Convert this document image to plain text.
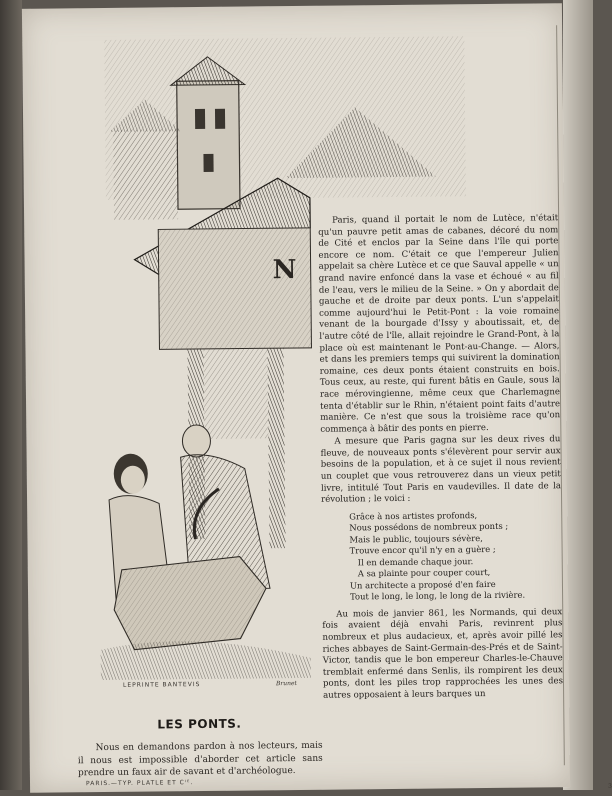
N
LEPRINTE BANTEVIS	Brunet
LES PONTS.

Nous en demandons pardon à nos lecteurs, mais il nous est impossible d'aborder cet article sans prendre un faux air de savant et d'archéologue.

Paris, quand il portait le nom de Lutèce, n'était qu'un pauvre petit amas de cabanes, décoré du nom de Cité et enclos par la Seine dans l'île qui porte encore ce nom. C'était ce que l'empereur Julien appelait sa chère Lutèce et ce que Sauval appelle « un grand navire enfoncé dans la vase et échoué « au fil de l'eau, vers le milieu de la Seine. » On y abordait de gauche et de droite par deux ponts. L'un s'appelait comme aujourd'hui le Petit-Pont : la voie romaine venant de la bourgade d'Issy y aboutissait, et, de l'autre côté de l'île, allait rejoindre le Grand-Pont, à la place où est maintenant le Pont-au-Change. — Alors, et dans les premiers temps qui suivirent la domination romaine, ces deux ponts étaient construits en bois. Tous ceux, au reste, qui furent bâtis en Gaule, sous la race mérovingienne, même ceux que Charlemagne tenta d'établir sur le Rhin, n'étaient point faits d'autre manière. Ce n'est que sous la troisième race qu'on commença à bâtir des ponts en pierre.

A mesure que Paris gagna sur les deux rives du fleuve, de nouveaux ponts s'élevèrent pour servir aux besoins de la population, et à ce sujet il nous revient un couplet que vous retrouverez dans un vieux petit livre, intitulé Tout Paris en vaudevilles. Il date de la révolution ; le voici :

Grâce à nos artistes profonds,
Nous possédons de nombreux ponts ;
Mais le public, toujours sévère,
Trouve encor qu'il n'y en a guère ;
Il en demande chaque jour.
A sa plainte pour couper court,
Un architecte a proposé d'en faire
Tout le long, le long, le long de la rivière.

Au mois de janvier 861, les Normands, qui deux fois avaient déjà envahi Paris, revinrent plus nombreux et plus audacieux, et, après avoir pillé les riches abbayes de Saint-Germain-des-Prés et de Saint-Victor, tandis que le bon empereur Charles-le-Chauve tremblait enfermé dans Senlis, ils rompirent les deux ponts, dont les piles trop rapprochées les unes des autres opposaient à leurs barques un

3
PARIS.—TYP. PLATLE ET Cᴵᴱ.
